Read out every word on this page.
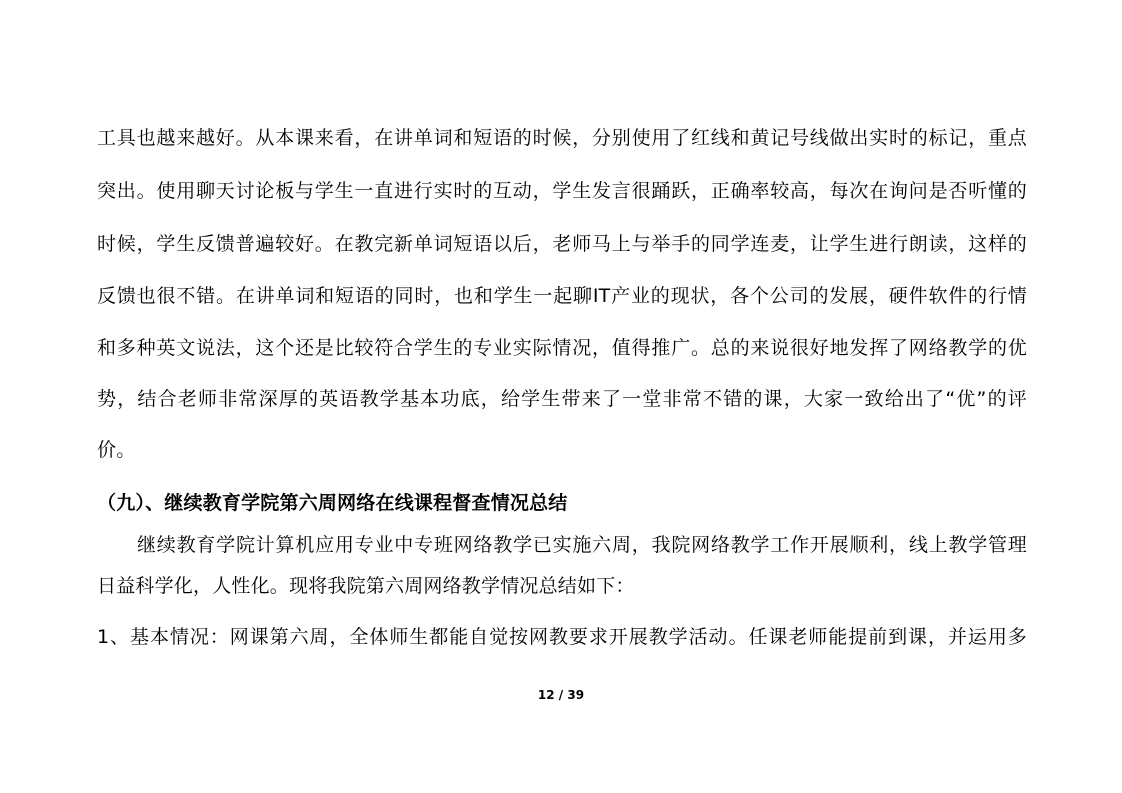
工具也越来越好。从本课来看，在讲单词和短语的时候，分别使用了红线和黄记号线做出实时的标记，重点
突出。使用聊天讨论板与学生一直进行实时的互动，学生发言很踊跃，正确率较高，每次在询问是否听懂的
时候，学生反馈普遍较好。在教完新单词短语以后，老师马上与举手的同学连麦，让学生进行朗读，这样的
反馈也很不错。在讲单词和短语的同时，也和学生一起聊IT产业的现状，各个公司的发展，硬件软件的行情
和多种英文说法，这个还是比较符合学生的专业实际情况，值得推广。总的来说很好地发挥了网络教学的优
势，结合老师非常深厚的英语教学基本功底，给学生带来了一堂非常不错的课，大家一致给出了“优”的评
价。
（九）、继续教育学院第六周网络在线课程督查情况总结
继续教育学院计算机应用专业中专班网络教学已实施六周，我院网络教学工作开展顺利，线上教学管理
日益科学化，人性化。现将我院第六周网络教学情况总结如下：
1、基本情况：网课第六周，全体师生都能自觉按网教要求开展教学活动。任课老师能提前到课，并运用多
12 / 39
